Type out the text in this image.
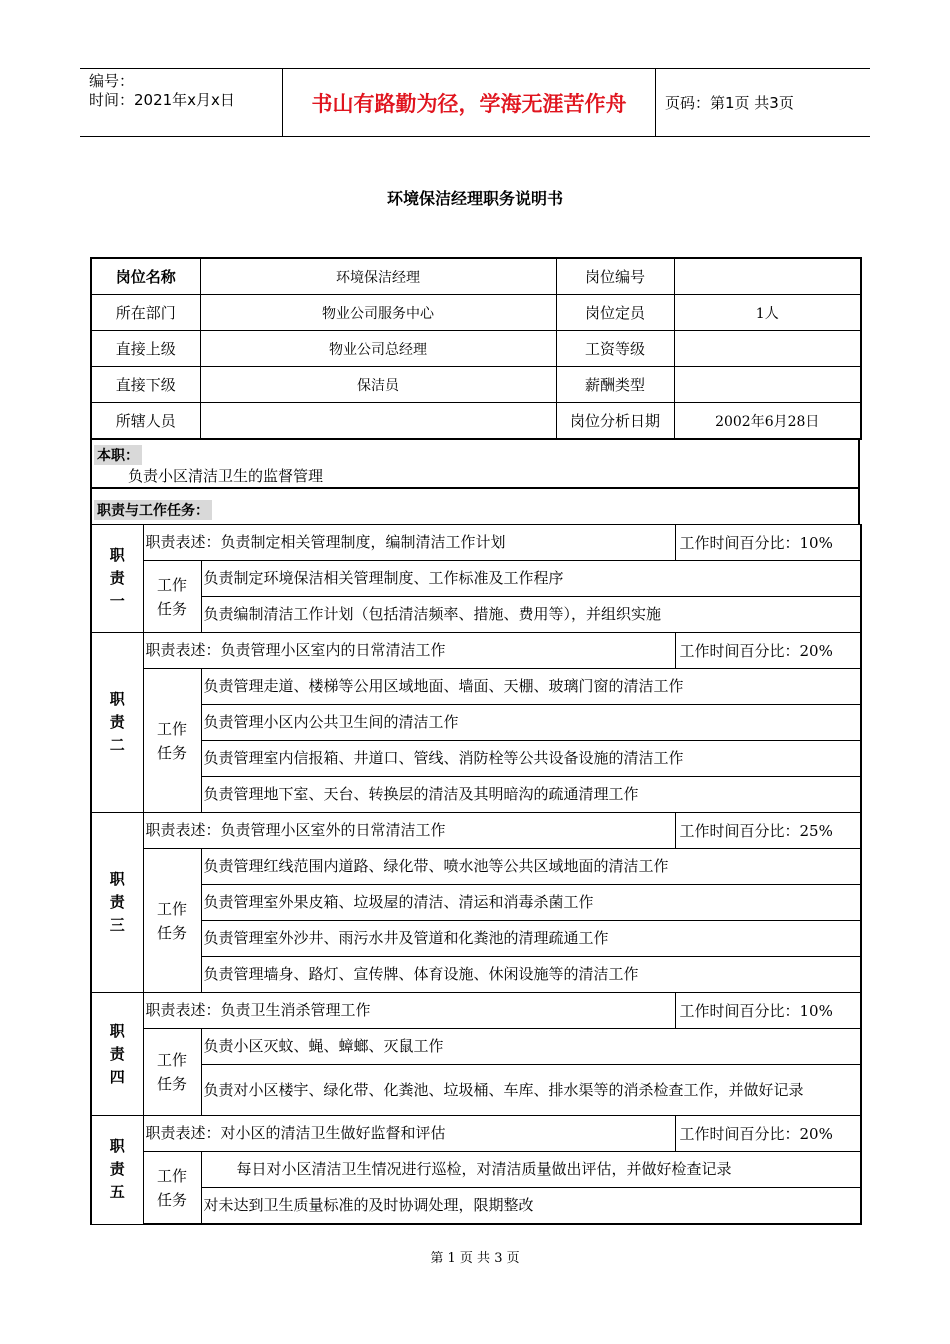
编号：
时间：2021年x月x日	书山有路勤为径，学海无涯苦作舟	页码：第1页 共3页
环境保洁经理职务说明书
岗位名称	环境保洁经理	岗位编号	
所在部门	物业公司服务中心	岗位定员	1人
直接上级	物业公司总经理	工资等级	
直接下级	保洁员	薪酬类型	
所辖人员		岗位分析日期	2002年6月28日
本职：
负责小区清洁卫生的监督管理
职责与工作任务：
职
责
一	职责表述：负责制定相关管理制度，编制清洁工作计划		工作时间百分比：10%
	工作
任务	负责制定环境保洁相关管理制度、工作标准及工作程序	
		负责编制清洁工作计划（包括清洁频率、措施、费用等），并组织实施	
职
责
二	职责表述：负责管理小区室内的日常清洁工作		工作时间百分比：20%
	工作
任务	负责管理走道、楼梯等公用区域地面、墙面、天棚、玻璃门窗的清洁工作	
		负责管理小区内公共卫生间的清洁工作	
		负责管理室内信报箱、井道口、管线、消防栓等公共设备设施的清洁工作	
		负责管理地下室、天台、转换层的清洁及其明暗沟的疏通清理工作	
职
责
三	职责表述：负责管理小区室外的日常清洁工作		工作时间百分比：25%
	工作
任务	负责管理红线范围内道路、绿化带、喷水池等公共区域地面的清洁工作	
		负责管理室外果皮箱、垃圾屋的清洁、清运和消毒杀菌工作	
		负责管理室外沙井、雨污水井及管道和化粪池的清理疏通工作	
		负责管理墙身、路灯、宣传牌、体育设施、休闲设施等的清洁工作	
职
责
四	职责表述：负责卫生消杀管理工作		工作时间百分比：10%
	工作
任务	负责小区灭蚊、蝇、蟑螂、灭鼠工作	
		负责对小区楼宇、绿化带、化粪池、垃圾桶、车库、排水渠等的消杀检查工作，并做好记录	
职
责
五	职责表述：对小区的清洁卫生做好监督和评估		工作时间百分比：20%
	工作
任务	每日对小区清洁卫生情况进行巡检，对清洁质量做出评估，并做好检查记录	
		对未达到卫生质量标准的及时协调处理，限期整改	
第 1 页 共 3 页
